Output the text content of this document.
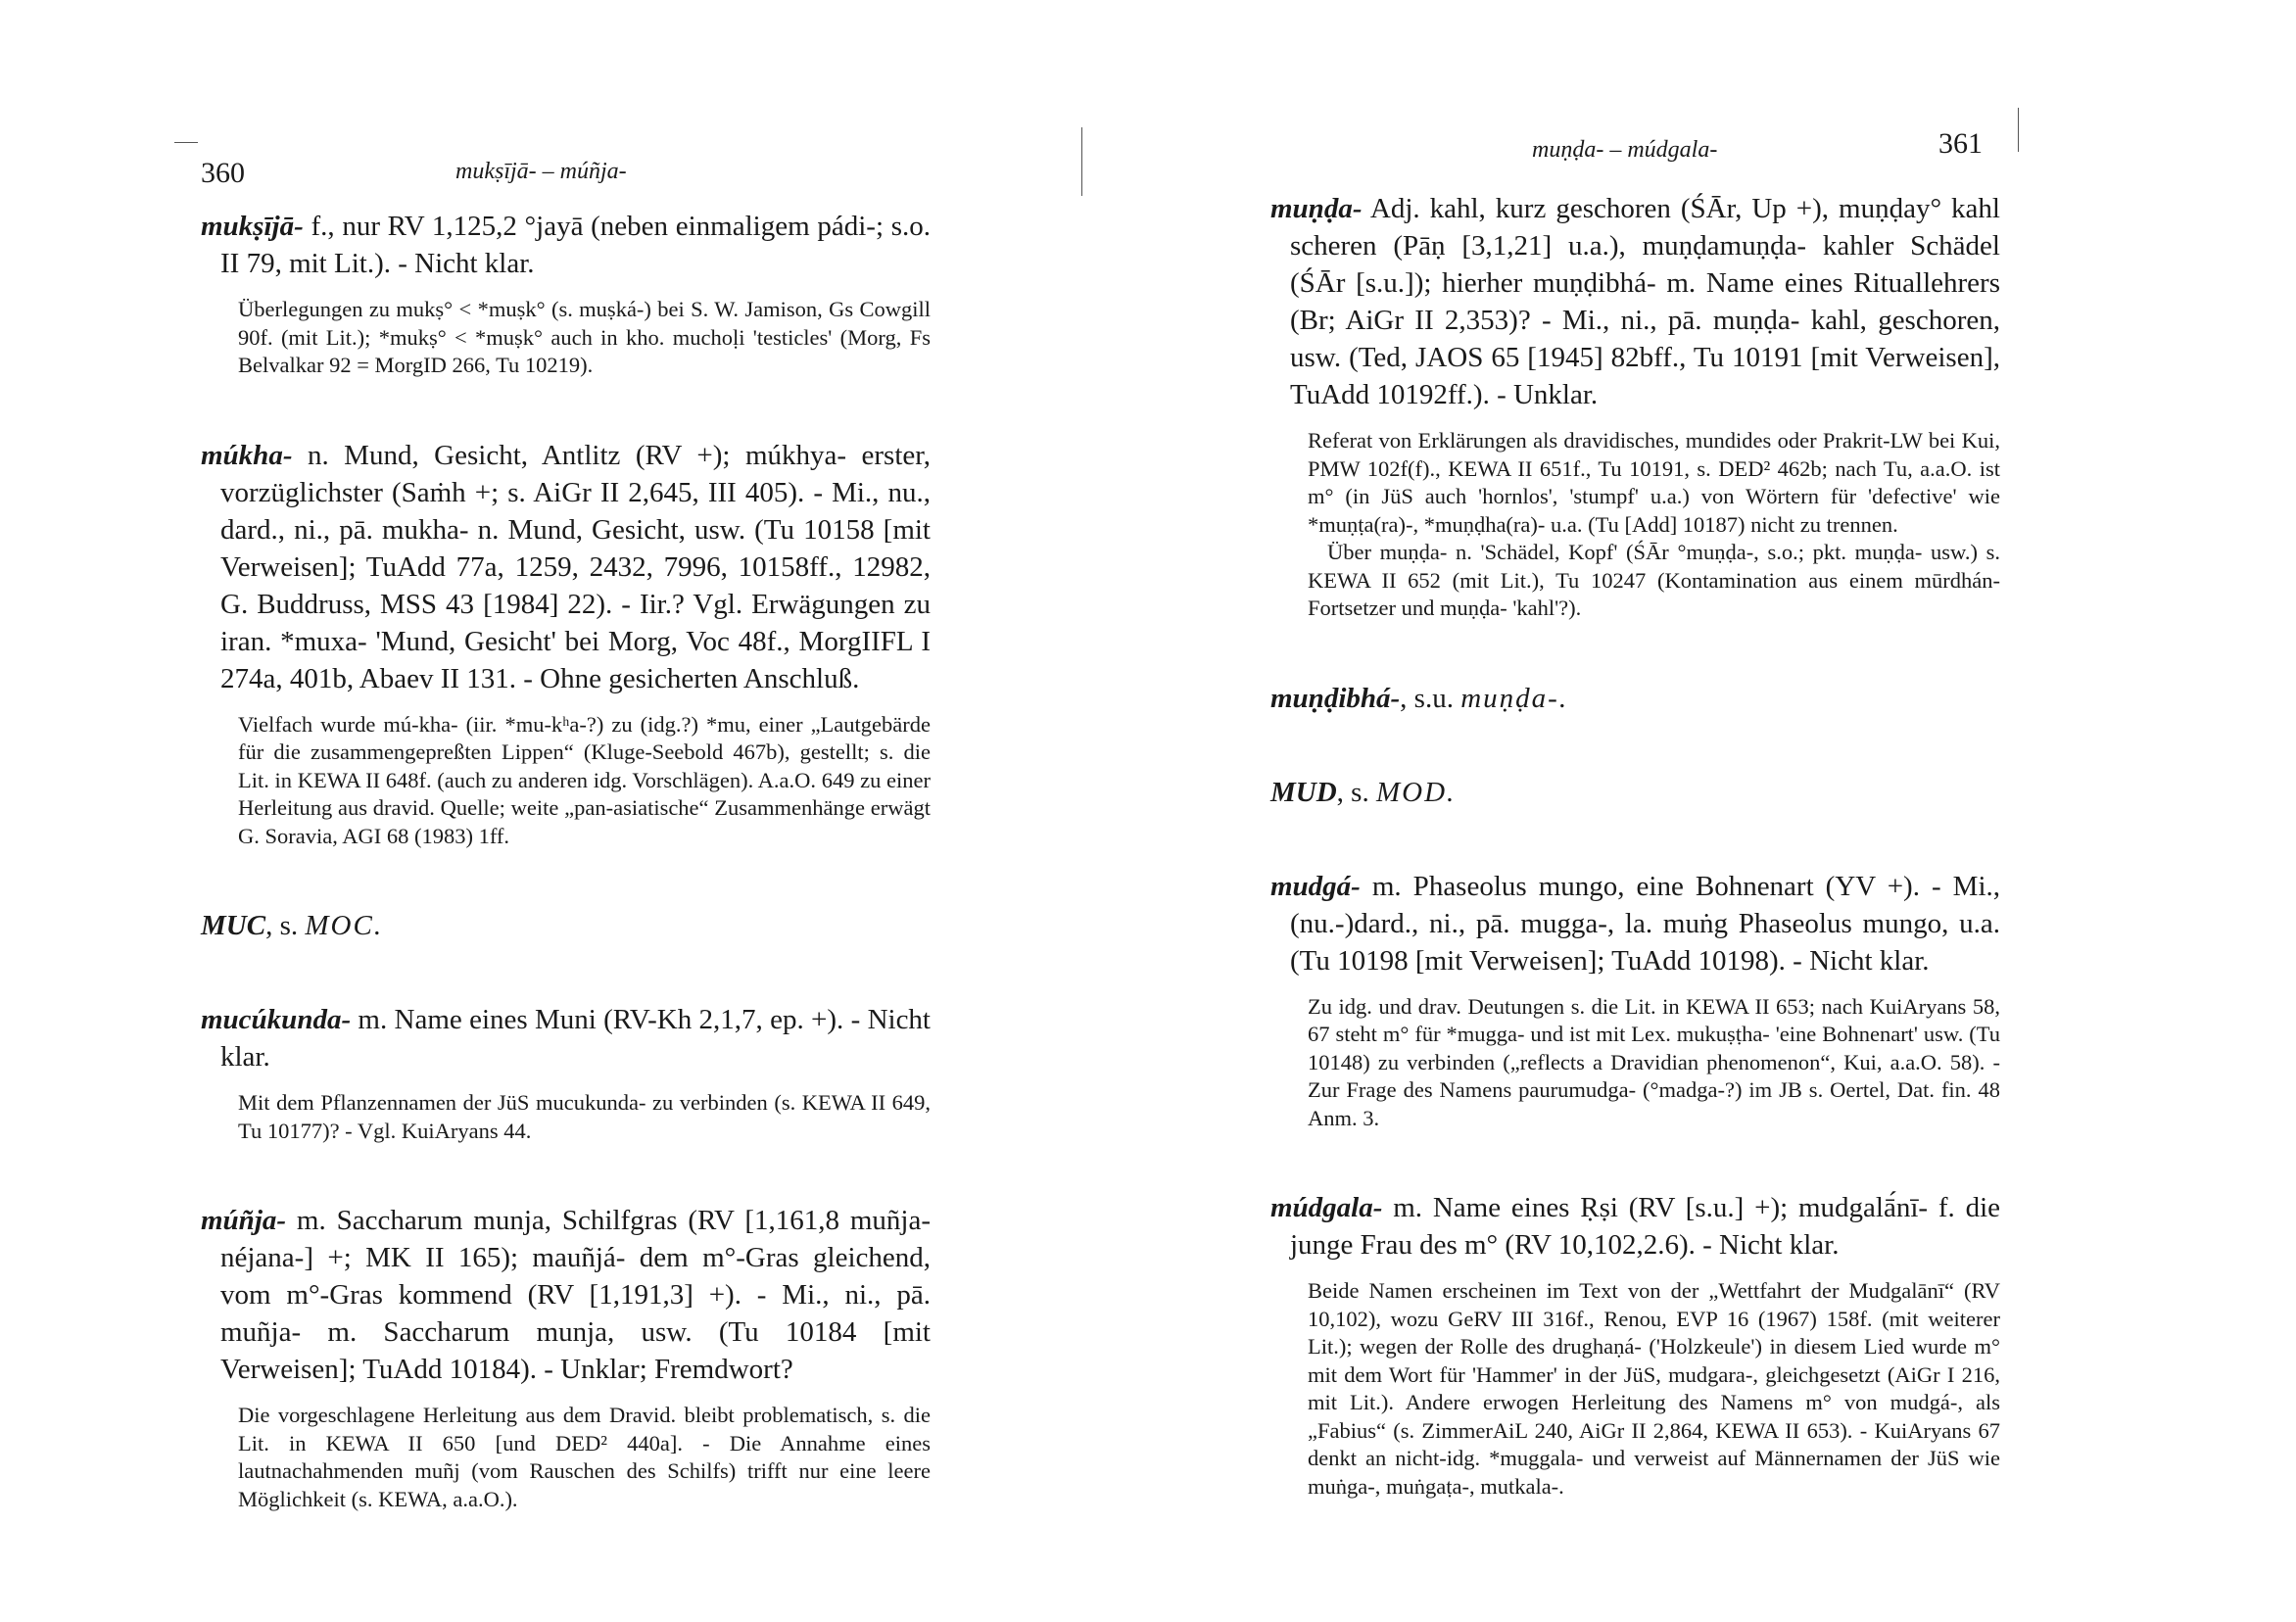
360	mukṣījā- – múñja-

mukṣījā- f., nur RV 1,125,2 °jayā (neben einmaligem pádi-; s.o. II 79, mit Lit.). - Nicht klar.

Überlegungen zu mukṣ° < *muṣk° (s. muṣká-) bei S. W. Jamison, Gs Cowgill 90f. (mit Lit.); *mukṣ° < *muṣk° auch in kho. muchoḷi 'testicles' (Morg, Fs Belvalkar 92 = MorgID 266, Tu 10219).

múkha- n. Mund, Gesicht, Antlitz (RV +); múkhya- erster, vorzüglichster (Saṁh +; s. AiGr II 2,645, III 405). - Mi., nu., dard., ni., pā. mukha- n. Mund, Gesicht, usw. (Tu 10158 [mit Verweisen]; TuAdd 77a, 1259, 2432, 7996, 10158ff., 12982, G. Buddruss, MSS 43 [1984] 22). - Iir.? Vgl. Erwägungen zu iran. *muxa- 'Mund, Gesicht' bei Morg, Voc 48f., MorgIIFL I 274a, 401b, Abaev II 131. - Ohne gesicherten Anschluß.

Vielfach wurde mú-kha- (iir. *mu-kʰa-?) zu (idg.?) *mu, einer „Lautgebärde für die zusammengepreßten Lippen“ (Kluge-Seebold 467b), gestellt; s. die Lit. in KEWA II 648f. (auch zu anderen idg. Vorschlägen). A.a.O. 649 zu einer Herleitung aus dravid. Quelle; weite „pan-asiatische“ Zusammenhänge erwägt G. Soravia, AGI 68 (1983) 1ff.

MUC, s. MOC.

mucúkunda- m. Name eines Muni (RV-Kh 2,1,7, ep. +). - Nicht klar.

Mit dem Pflanzennamen der JüS mucukunda- zu verbinden (s. KEWA II 649, Tu 10177)? - Vgl. KuiAryans 44.

múñja- m. Saccharum munja, Schilfgras (RV [1,161,8 muñja-néjana-] +; MK II 165); mauñjá- dem m°-Gras gleichend, vom m°-Gras kommend (RV [1,191,3] +). - Mi., ni., pā. muñja- m. Saccharum munja, usw. (Tu 10184 [mit Verweisen]; TuAdd 10184). - Unklar; Fremdwort?

Die vorgeschlagene Herleitung aus dem Dravid. bleibt problematisch, s. die Lit. in KEWA II 650 [und DED² 440a]. - Die Annahme eines lautnachahmenden muñj (vom Rauschen des Schilfs) trifft nur eine leere Möglichkeit (s. KEWA, a.a.O.).

muṇḍa- – múdgala-	361

muṇḍa- Adj. kahl, kurz geschoren (ŚĀr, Up +), muṇḍay° kahl scheren (Pāṇ [3,1,21] u.a.), muṇḍamuṇḍa- kahler Schädel (ŚĀr [s.u.]); hierher muṇḍibhá- m. Name eines Rituallehrers (Br; AiGr II 2,353)? - Mi., ni., pā. muṇḍa- kahl, geschoren, usw. (Ted, JAOS 65 [1945] 82bff., Tu 10191 [mit Verweisen], TuAdd 10192ff.). - Unklar.

Referat von Erklärungen als dravidisches, mundides oder Prakrit-LW bei Kui, PMW 102f(f)., KEWA II 651f., Tu 10191, s. DED² 462b; nach Tu, a.a.O. ist m° (in JüS auch 'hornlos', 'stumpf' u.a.) von Wörtern für 'defective' wie *muṇṭa(ra)-, *muṇḍha(ra)- u.a. (Tu [Add] 10187) nicht zu trennen.

Über muṇḍa- n. 'Schädel, Kopf' (ŚĀr °muṇḍa-, s.o.; pkt. muṇḍa- usw.) s. KEWA II 652 (mit Lit.), Tu 10247 (Kontamination aus einem mūrdhán-Fortsetzer und muṇḍa- 'kahl'?).

muṇḍibhá-, s.u. muṇḍa-.

MUD, s. MOD.

mudgá- m. Phaseolus mungo, eine Bohnenart (YV +). - Mi., (nu.-)dard., ni., pā. mugga-, la. muṅg Phaseolus mungo, u.a. (Tu 10198 [mit Verweisen]; TuAdd 10198). - Nicht klar.

Zu idg. und drav. Deutungen s. die Lit. in KEWA II 653; nach KuiAryans 58, 67 steht m° für *mugga- und ist mit Lex. mukuṣṭha- 'eine Bohnenart' usw. (Tu 10148) zu verbinden („reflects a Dravidian phenomenon“, Kui, a.a.O. 58). - Zur Frage des Namens paurumudga- (°madga-?) im JB s. Oertel, Dat. fin. 48 Anm. 3.

múdgala- m. Name eines Ṛṣi (RV [s.u.] +); mudgalā́nī- f. die junge Frau des m° (RV 10,102,2.6). - Nicht klar.

Beide Namen erscheinen im Text von der „Wettfahrt der Mudgalānī“ (RV 10,102), wozu GeRV III 316f., Renou, EVP 16 (1967) 158f. (mit weiterer Lit.); wegen der Rolle des drughaṇá- ('Holzkeule') in diesem Lied wurde m° mit dem Wort für 'Hammer' in der JüS, mudgara-, gleichgesetzt (AiGr I 216, mit Lit.). Andere erwogen Herleitung des Namens m° von mudgá-, als „Fabius“ (s. ZimmerAiL 240, AiGr II 2,864, KEWA II 653). - KuiAryans 67 denkt an nicht-idg. *muggala- und verweist auf Männernamen der JüS wie muṅga-, muṅgaṭa-, mutkala-.
